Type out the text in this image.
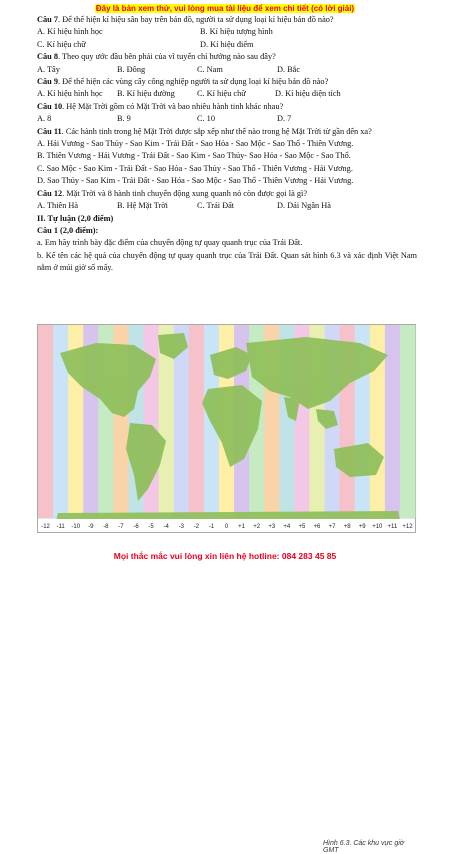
Đây là bản xem thử, vui lòng mua tài liệu để xem chi tiết (có lời giải)
Câu 7. Để thể hiện kí hiệu sân bay trên bản đồ, người ta sử dụng loại kí hiệu bản đồ nào?
A. Kí hiệu hình học	B. Kí hiệu tượng hình
C. Kí hiệu chữ	D. Kí hiệu điểm
Câu 8. Theo quy ước đầu bên phải của vĩ tuyến chỉ hướng nào sau đây?
A. Tây	B. Đông	C. Nam	D. Bắc
Câu 9. Để thể hiện các vùng cây công nghiệp người ta sử dụng loại kí hiệu bản đồ nào?
A. Kí hiệu hình học	B. Kí hiệu đường	C. Kí hiệu chữ	D. Kí hiệu diện tích
Câu 10. Hệ Mặt Trời gồm có Mặt Trời và bao nhiêu hành tinh khác nhau?
A. 8	B. 9	C. 10	D. 7
Câu 11. Các hành tinh trong hệ Mặt Trời được sắp xếp như thế nào trong hệ Mặt Trời từ gần đến xa?
A. Hải Vương - Sao Thủy - Sao Kim - Trái Đất - Sao Hỏa - Sao Mộc - Sao Thổ - Thiên Vương.
B. Thiên Vương - Hải Vương - Trái Đất - Sao Kim - Sao Thủy- Sao Hỏa - Sao Mộc - Sao Thổ.
C. Sao Mộc - Sao Kim - Trái Đất - Sao Hỏa - Sao Thủy - Sao Thổ - Thiên Vương - Hải Vương.
D. Sao Thủy - Sao Kim - Trái Đất - Sao Hỏa - Sao Mộc - Sao Thổ - Thiên Vương - Hải Vương.
Câu 12. Mặt Trời và 8 hành tinh chuyển động xung quanh nó còn được gọi là gì?
A. Thiên Hà	B. Hệ Mặt Trời	C. Trái Đất	D. Dải Ngân Hà
II. Tự luận (2,0 điểm)
Câu 1 (2,0 điểm):
a. Em hãy trình bày đặc điểm của chuyển động tự quay quanh trục của Trái Đất.
b. Kể tên các hệ quả của chuyển động tự quay quanh trục của Trái Đất. Quan sát hình 6.3 và xác định Việt Nam nằm ở múi giờ số mấy.
-12 -11 -10 -9 -8 -7 -6 -5 -4 -3 -2 -1 0 +1 +2 +3 +4 +5 +6 +7 +8 +9 +10 +11 +12
Hình 6.3. Các khu vực giờ GMT
Mọi thắc mắc vui lòng xin liên hệ hotline: 084 283 45 85
